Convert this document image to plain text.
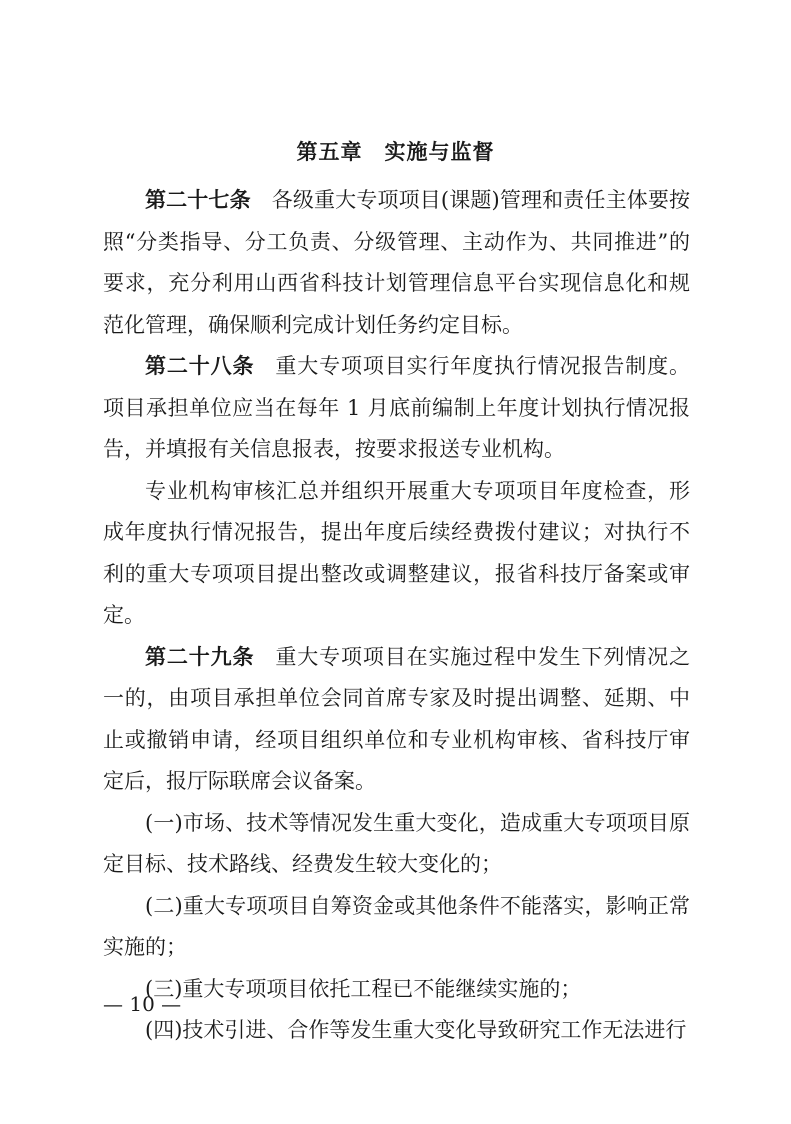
第五章　实施与监督

第二十七条 各级重大专项项目(课题)管理和责任主体要按照“分类指导、分工负责、分级管理、主动作为、共同推进”的要求，充分利用山西省科技计划管理信息平台实现信息化和规范化管理，确保顺利完成计划任务约定目标。

第二十八条 重大专项项目实行年度执行情况报告制度。项目承担单位应当在每年 1 月底前编制上年度计划执行情况报告，并填报有关信息报表，按要求报送专业机构。

专业机构审核汇总并组织开展重大专项项目年度检查，形成年度执行情况报告，提出年度后续经费拨付建议；对执行不利的重大专项项目提出整改或调整建议，报省科技厅备案或审定。

第二十九条 重大专项项目在实施过程中发生下列情况之一的，由项目承担单位会同首席专家及时提出调整、延期、中止或撤销申请，经项目组织单位和专业机构审核、省科技厅审定后，报厅际联席会议备案。

(一)市场、技术等情况发生重大变化，造成重大专项项目原定目标、技术路线、经费发生较大变化的；

(二)重大专项项目自筹资金或其他条件不能落实，影响正常实施的；

(三)重大专项项目依托工程已不能继续实施的；

(四)技术引进、合作等发生重大变化导致研究工作无法进行

— 10 —
